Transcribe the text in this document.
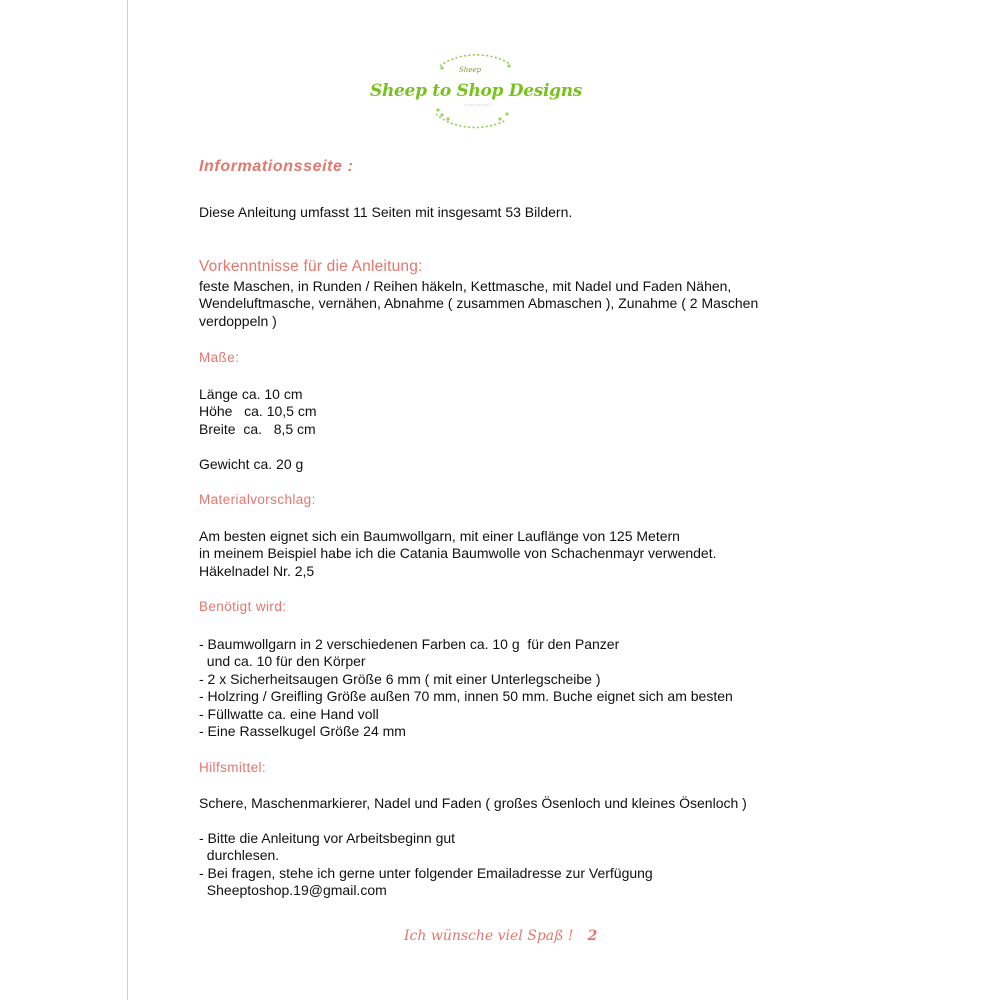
Sheep
Sheep to Shop Designs
Informationsseite :
Diese Anleitung umfasst 11 Seiten mit insgesamt 53 Bildern.
Vorkenntnisse für die Anleitung:
feste Maschen, in Runden / Reihen häkeln, Kettmasche, mit Nadel und Faden Nähen,
Wendeluftmasche, vernähen, Abnahme ( zusammen Abmaschen ), Zunahme ( 2 Maschen
verdoppeln )
Maße:
Länge ca. 10 cm
Höhe   ca. 10,5 cm
Breite  ca.   8,5 cm
Gewicht ca. 20 g
Materialvorschlag:
Am besten eignet sich ein Baumwollgarn, mit einer Lauflänge von 125 Metern
in meinem Beispiel habe ich die Catania Baumwolle von Schachenmayr verwendet.
Häkelnadel Nr. 2,5
Benötigt wird:
- Baumwollgarn in 2 verschiedenen Farben ca. 10 g  für den Panzer
und ca. 10 für den Körper
- 2 x Sicherheitsaugen Größe 6 mm ( mit einer Unterlegscheibe )
- Holzring / Greifling Größe außen 70 mm, innen 50 mm. Buche eignet sich am besten
- Füllwatte ca. eine Hand voll
- Eine Rasselkugel Größe 24 mm
Hilfsmittel:
Schere, Maschenmarkierer, Nadel und Faden ( großes Ösenloch und kleines Ösenloch )
- Bitte die Anleitung vor Arbeitsbeginn gut
durchlesen.
- Bei fragen, stehe ich gerne unter folgender Emailadresse zur Verfügung
Sheeptoshop.19@gmail.com
Ich wünsche viel Spaß ! 2
